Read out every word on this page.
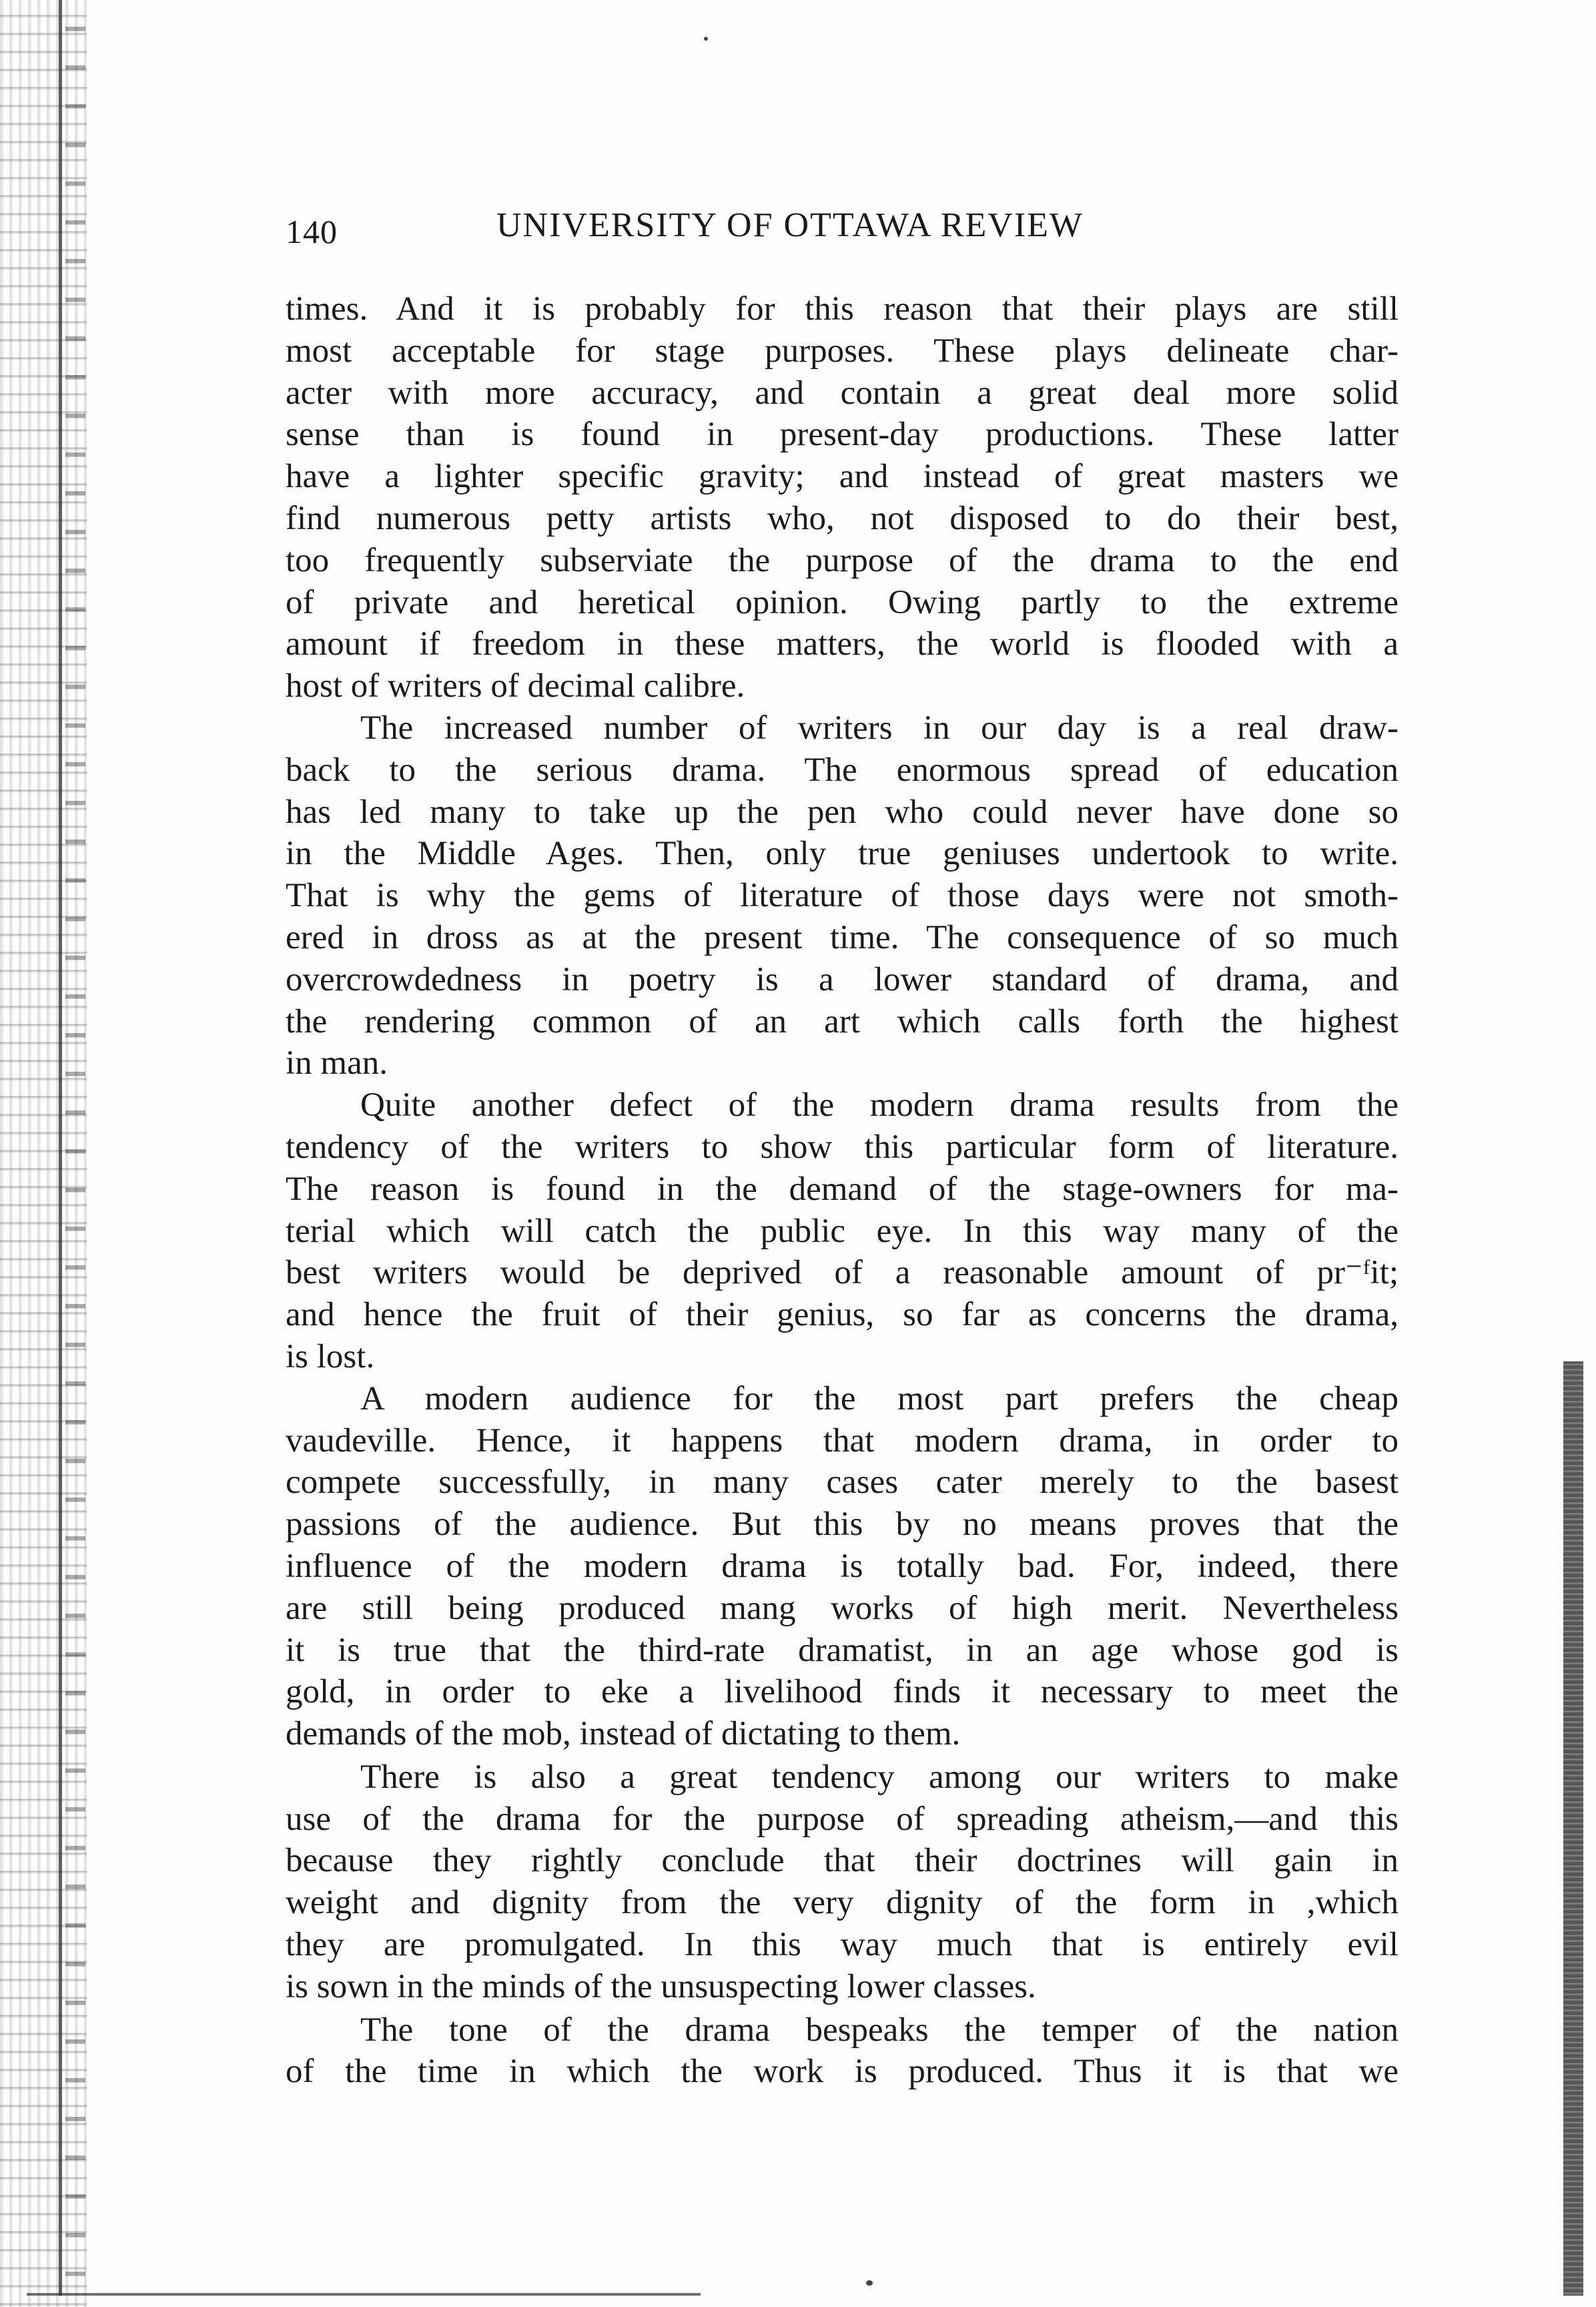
140	UNIVERSITY OF OTTAWA REVIEW
times. And it is probably for this reason that their plays are still
most acceptable for stage purposes. These plays delineate char-
acter with more accuracy, and contain a great deal more solid
sense than is found in present-day productions. These latter
have a lighter specific gravity; and instead of great masters we
find numerous petty artists who, not disposed to do their best,
too frequently subserviate the purpose of the drama to the end
of private and heretical opinion. Owing partly to the extreme
amount if freedom in these matters, the world is flooded with a
host of writers of decimal calibre.
The increased number of writers in our day is a real draw-
back to the serious drama. The enormous spread of education
has led many to take up the pen who could never have done so
in the Middle Ages. Then, only true geniuses undertook to write.
That is why the gems of literature of those days were not smoth-
ered in dross as at the present time. The consequence of so much
overcrowdedness in poetry is a lower standard of drama, and
the rendering common of an art which calls forth the highest
in man.
Quite another defect of the modern drama results from the
tendency of the writers to show this particular form of literature.
The reason is found in the demand of the stage-owners for ma-
terial which will catch the public eye. In this way many of the
best writers would be deprived of a reasonable amount of pr⁻ᶠit;
and hence the fruit of their genius, so far as concerns the drama,
is lost.
A modern audience for the most part prefers the cheap
vaudeville. Hence, it happens that modern drama, in order to
compete successfully, in many cases cater merely to the basest
passions of the audience. But this by no means proves that the
influence of the modern drama is totally bad. For, indeed, there
are still being produced mang works of high merit. Nevertheless
it is true that the third-rate dramatist, in an age whose god is
gold, in order to eke a livelihood finds it necessary to meet the
demands of the mob, instead of dictating to them.
There is also a great tendency among our writers to make
use of the drama for the purpose of spreading atheism,—and this
because they rightly conclude that their doctrines will gain in
weight and dignity from the very dignity of the form in ,which
they are promulgated. In this way much that is entirely evil
is sown in the minds of the unsuspecting lower classes.
The tone of the drama bespeaks the temper of the nation
of the time in which the work is produced. Thus it is that we
